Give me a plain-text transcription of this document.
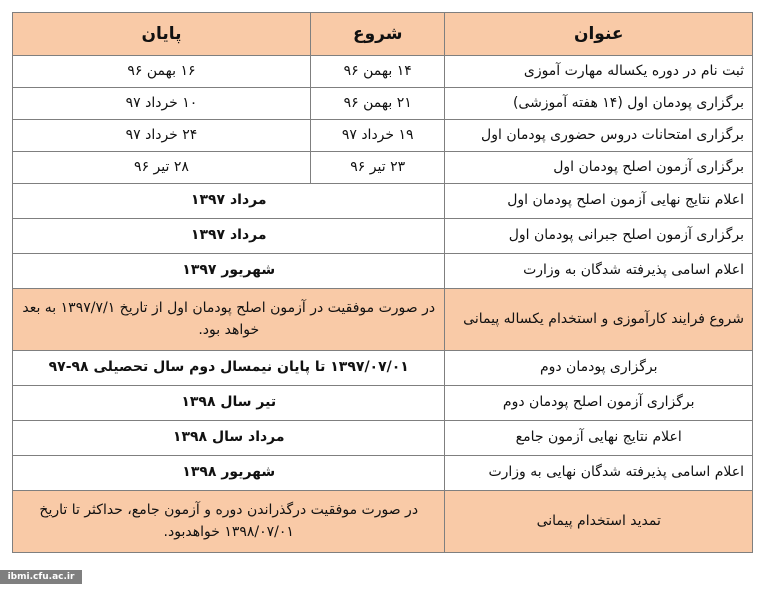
عنوان	شروع	پایان
ثبت نام در دوره یکساله مهارت آموزی	۱۴ بهمن ۹۶	۱۶ بهمن ۹۶
برگزاری پودمان اول (۱۴ هفته آموزشی)	۲۱ بهمن ۹۶	۱۰ خرداد ۹۷
برگزاری امتحانات دروس حضوری پودمان اول	۱۹ خرداد ۹۷	۲۴ خرداد ۹۷
برگزاری آزمون اصلح پودمان اول	۲۳ تیر ۹۶	۲۸ تیر ۹۶
اعلام نتایج نهایی آزمون اصلح پودمان اول	مرداد ۱۳۹۷	
برگزاری آزمون اصلح جبرانی پودمان اول	مرداد ۱۳۹۷	
اعلام اسامی پذیرفته شدگان به وزارت	شهریور ۱۳۹۷	
شروع فرایند کارآموزی و استخدام یکساله پیمانی	در صورت موفقیت در آزمون اصلح پودمان اول از تاریخ ۱۳۹۷/۷/۱ به بعد خواهد بود.	
برگزاری پودمان دوم	۱۳۹۷/۰۷/۰۱ تا پایان نیمسال دوم سال تحصیلی ۹۸-۹۷	
برگزاری آزمون اصلح پودمان دوم	تیر سال ۱۳۹۸	
اعلام نتایج نهایی آزمون جامع	مرداد سال ۱۳۹۸	
اعلام اسامی پذیرفته شدگان نهایی به وزارت	شهریور ۱۳۹۸	
تمدید استخدام پیمانی	در صورت موفقیت درگذراندن دوره و آزمون جامع، حداکثر تا تاریخ ۱۳۹۸/۰۷/۰۱ خواهدبود.	
ibmi.cfu.ac.ir
